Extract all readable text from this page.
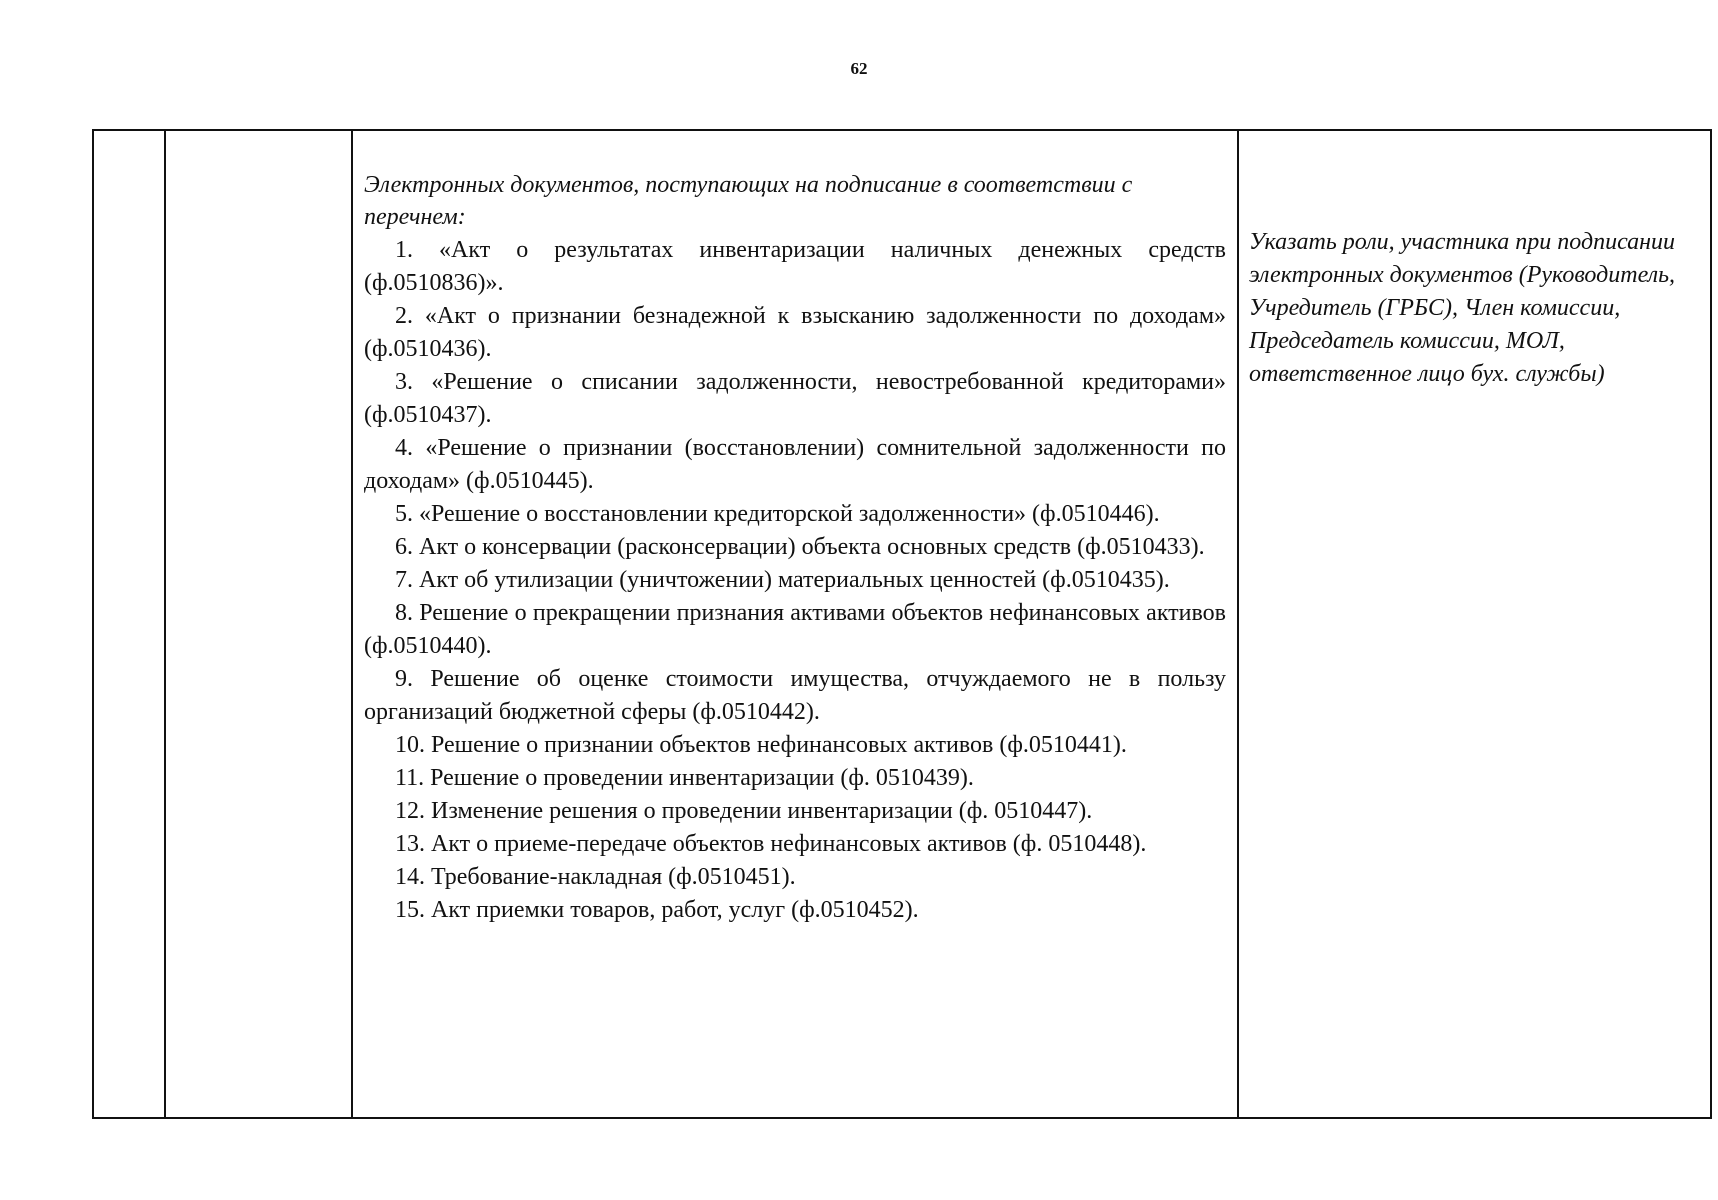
62

Электронных документов, поступающих на подписание в соответствии с перечнем:

1. «Акт о результатах инвентаризации наличных денежных средств (ф.0510836)».

2. «Акт о признании безнадежной к взысканию задолженности по доходам» (ф.0510436).

3. «Решение о списании задолженности, невостребованной кредиторами» (ф.0510437).

4. «Решение о признании (восстановлении) сомнительной задолженности по доходам» (ф.0510445).

5. «Решение о восстановлении кредиторской задолженности» (ф.0510446).

6. Акт о консервации (расконсервации) объекта основных средств (ф.0510433).

7. Акт об утилизации (уничтожении) материальных ценностей (ф.0510435).

8. Решение о прекращении признания активами объектов нефинансовых активов (ф.0510440).

9. Решение об оценке стоимости имущества, отчуждаемого не в пользу организаций бюджетной сферы (ф.0510442).

10. Решение о признании объектов нефинансовых активов (ф.0510441).

11. Решение о проведении инвентаризации (ф. 0510439).

12. Изменение решения о проведении инвентаризации (ф. 0510447).

13. Акт о приеме-передаче объектов нефинансовых активов (ф. 0510448).

14. Требование-накладная (ф.0510451).

15. Акт приемки товаров, работ, услуг (ф.0510452).

Указать роли, участника при подписании электронных документов (Руководитель, Учредитель (ГРБС), Член комиссии, Председатель комиссии, МОЛ, ответственное лицо бух. службы)
